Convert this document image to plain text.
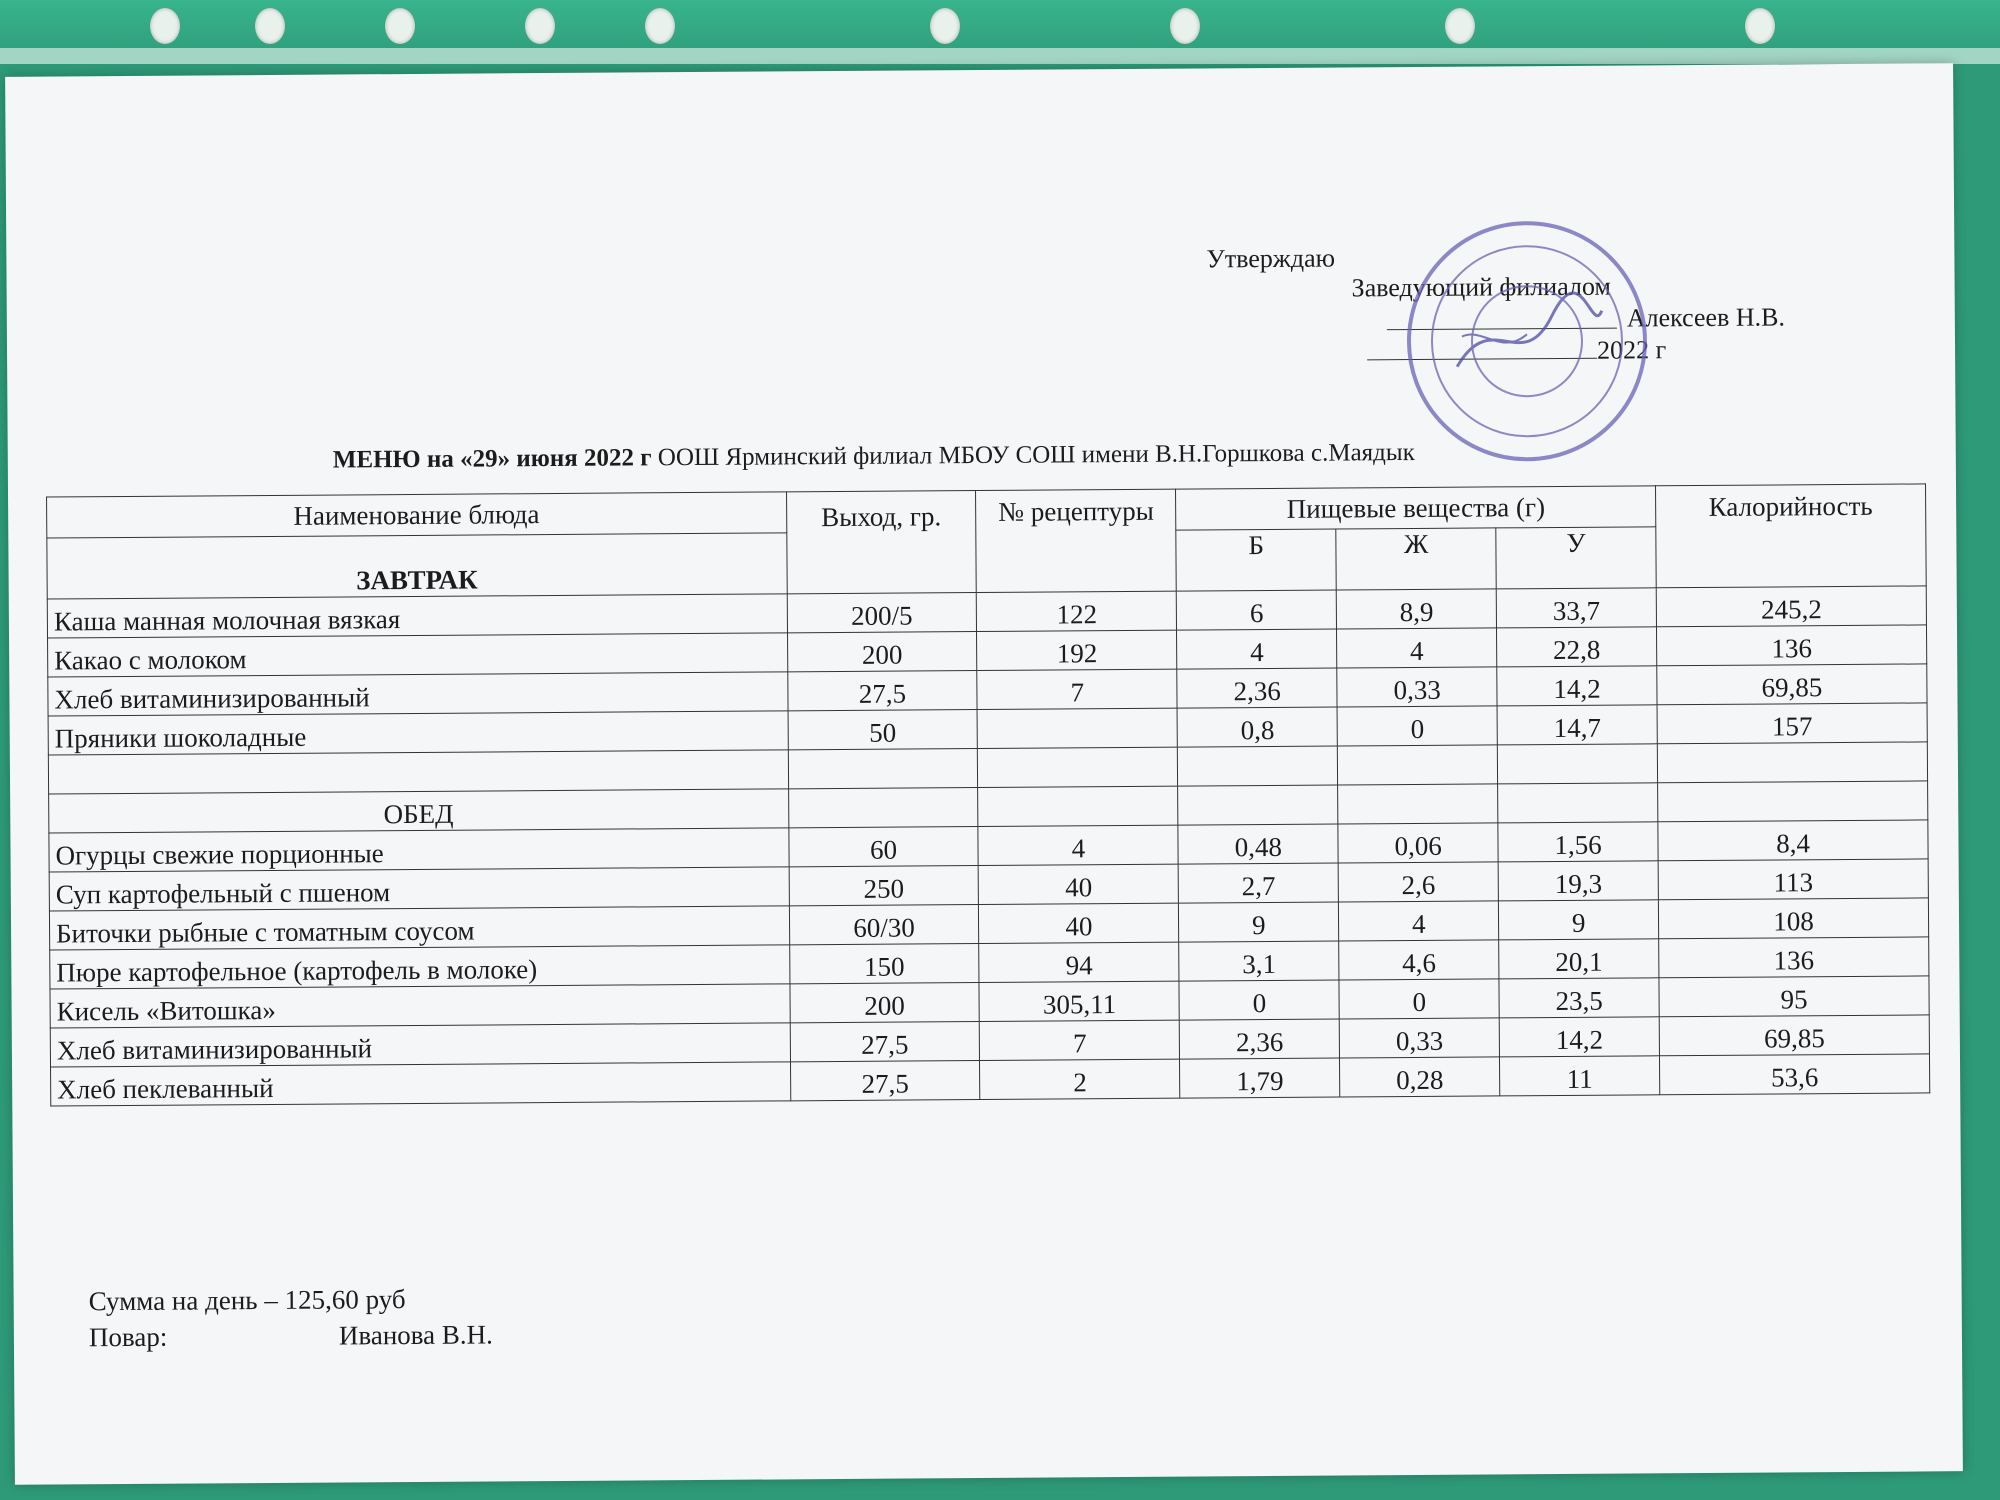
Утверждаю
Заведующий филиалом
Алексеев Н.В.
2022 г
МЕНЮ на «29» июня 2022 г ООШ Ярминский филиал МБОУ СОШ имени В.Н.Горшкова с.Маядык
Наименование блюда	Выход, гр.	№ рецептуры	Пищевые вещества (г)			Калорийность
ЗАВТРАК			Б	Ж	У	
Каша манная молочная вязкая	200/5	122	6	8,9	33,7	245,2
Какао с молоком	200	192	4	4	22,8	136
Хлеб витаминизированный	27,5	7	2,36	0,33	14,2	69,85
Пряники шоколадные	50		0,8	0	14,7	157

ОБЕД						
Огурцы свежие порционные	60	4	0,48	0,06	1,56	8,4
Суп картофельный с пшеном	250	40	2,7	2,6	19,3	113
Биточки рыбные с томатным соусом	60/30	40	9	4	9	108
Пюре картофельное (картофель в молоке)	150	94	3,1	4,6	20,1	136
Кисель «Витошка»	200	305,11	0	0	23,5	95
Хлеб витаминизированный	27,5	7	2,36	0,33	14,2	69,85
Хлеб пеклеванный	27,5	2	1,79	0,28	11	53,6
Сумма на день – 125,60 руб
Повар:	Иванова В.Н.
